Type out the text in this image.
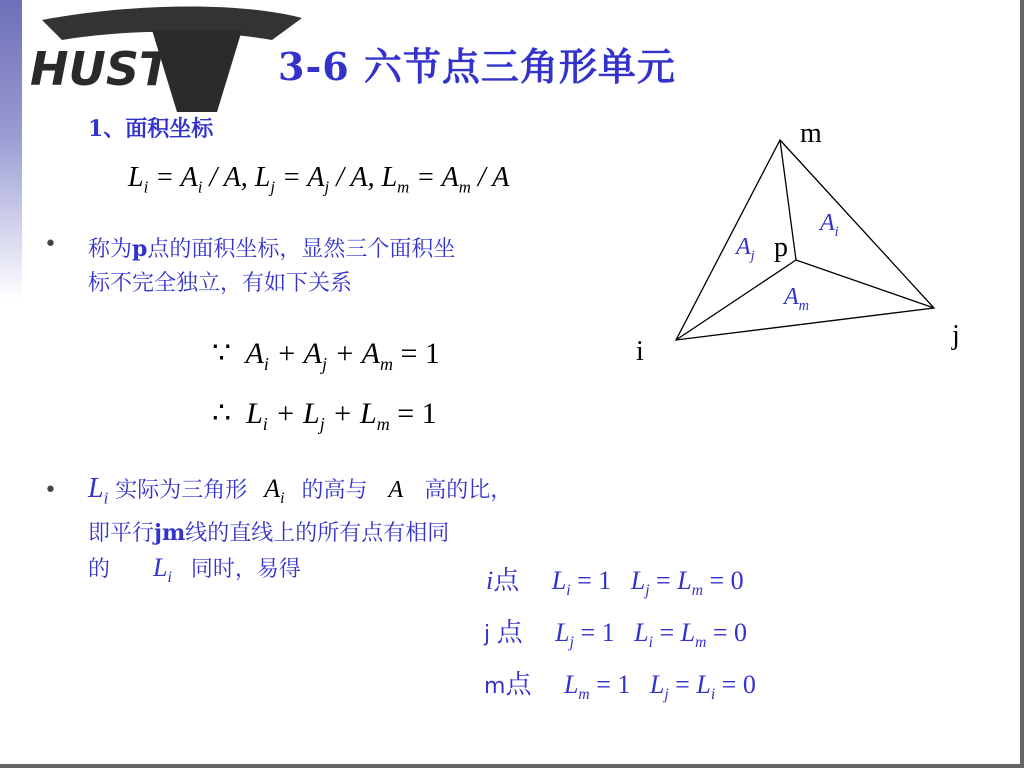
HUST	3-6 六节点三角形单元
1、面积坐标
$L_i = A_i / A$, $L_j = A_j / A$, $L_m = A_m / A$
• 称为p点的面积坐标，显然三个面积坐
标不完全独立，有如下关系
∵  $A_i + A_j + A_m = 1$
∴  $L_i + L_j + L_m = 1$
• $L_i$ 实际为三角形 $A_i$ 的高与 A 高的比，
即平行jm线的直线上的所有点有相同
的 $L_i$ 同时，易得	i点 $L_i = 1$   $L_j = L_m = 0$
j 点 $L_j = 1$   $L_i = L_m = 0$
m点 $L_m = 1$   $L_j = L_i = 0$
m
i
j
p
$A_i$
$A_j$
$A_m$
